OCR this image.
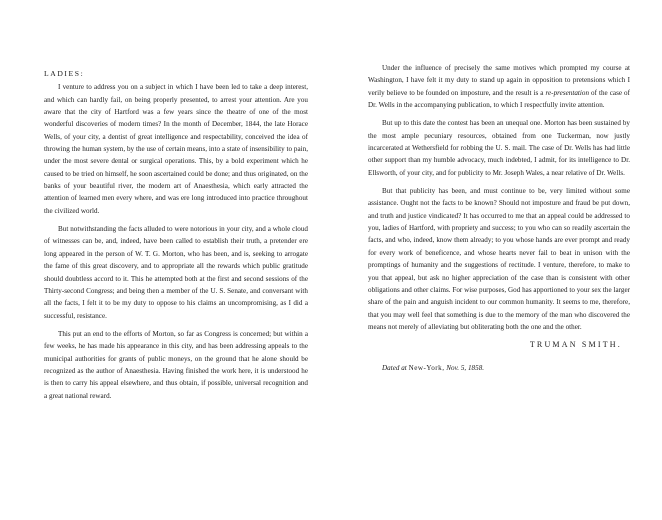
LADIES:

I venture to address you on a subject in which I have been led to take a deep interest, and which can hardly fail, on being properly presented, to arrest your attention. Are you aware that the city of Hartford was a few years since the theatre of one of the most wonderful discoveries of modern times? In the month of December, 1844, the late Horace Wells, of your city, a dentist of great intelligence and respectability, conceived the idea of throwing the human system, by the use of certain means, into a state of insensibility to pain, under the most severe dental or surgical operations. This, by a bold experiment which he caused to be tried on himself, he soon ascertained could be done; and thus originated, on the banks of your beautiful river, the modern art of Anaesthesia, which early attracted the attention of learned men every where, and was ere long introduced into practice throughout the civilized world.

But notwithstanding the facts alluded to were notorious in your city, and a whole cloud of witnesses can be, and, indeed, have been called to establish their truth, a pretender ere long appeared in the person of W. T. G. Morton, who has been, and is, seeking to arrogate the fame of this great discovery, and to appropriate all the rewards which public gratitude should doubtless accord to it. This he attempted both at the first and second sessions of the Thirty-second Congress; and being then a member of the U. S. Senate, and conversant with all the facts, I felt it to be my duty to oppose to his claims an uncompromising, as I did a successful, resistance.

This put an end to the efforts of Morton, so far as Congress is concerned; but within a few weeks, he has made his appearance in this city, and has been addressing appeals to the municipal authorities for grants of public moneys, on the ground that he alone should be recognized as the author of Anaesthesia. Having finished the work here, it is understood he is then to carry his appeal elsewhere, and thus obtain, if possible, universal recognition and a great national reward.

Under the influence of precisely the same motives which prompted my course at Washington, I have felt it my duty to stand up again in opposition to pretensions which I verily believe to be founded on imposture, and the result is a re-presentation of the case of Dr. Wells in the accompanying publication, to which I respectfully invite attention.

But up to this date the contest has been an unequal one. Morton has been sustained by the most ample pecuniary resources, obtained from one Tuckerman, now justly incarcerated at Wethersfield for robbing the U. S. mail. The case of Dr. Wells has had little other support than my humble advocacy, much indebted, I admit, for its intelligence to Dr. Ellsworth, of your city, and for publicity to Mr. Joseph Wales, a near relative of Dr. Wells.

But that publicity has been, and must continue to be, very limited without some assistance. Ought not the facts to be known? Should not imposture and fraud be put down, and truth and justice vindicated? It has occurred to me that an appeal could be addressed to you, ladies of Hartford, with propriety and success; to you who can so readily ascertain the facts, and who, indeed, know them already; to you whose hands are ever prompt and ready for every work of beneficence, and whose hearts never fail to beat in unison with the promptings of humanity and the suggestions of rectitude. I venture, therefore, to make to you that appeal, but ask no higher appreciation of the case than is consistent with other obligations and other claims. For wise purposes, God has apportioned to your sex the larger share of the pain and anguish incident to our common humanity. It seems to me, therefore, that you may well feel that something is due to the memory of the man who discovered the means not merely of alleviating but obliterating both the one and the other.

TRUMAN SMITH.
Dated at New-York, Nov. 5, 1858.
